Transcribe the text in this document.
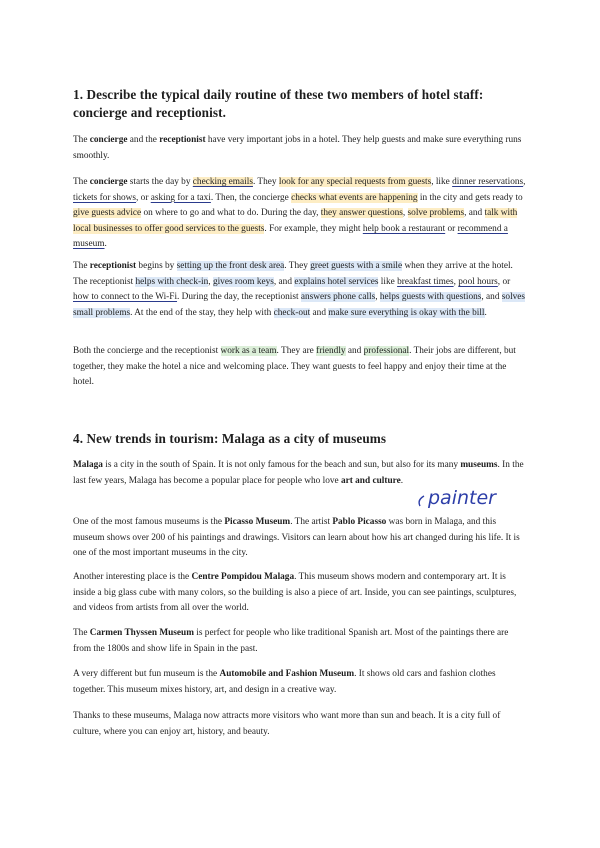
1. Describe the typical daily routine of these two members of hotel staff: concierge and receptionist.

The concierge and the receptionist have very important jobs in a hotel. They help guests and make sure everything runs smoothly.

The concierge starts the day by checking emails. They look for any special requests from guests, like dinner reservations, tickets for shows, or asking for a taxi. Then, the concierge checks what events are happening in the city and gets ready to give guests advice on where to go and what to do. During the day, they answer questions, solve problems, and talk with local businesses to offer good services to the guests. For example, they might help book a restaurant or recommend a museum.

The receptionist begins by setting up the front desk area. They greet guests with a smile when they arrive at the hotel. The receptionist helps with check-in, gives room keys, and explains hotel services like breakfast times, pool hours, or how to connect to the Wi-Fi. During the day, the receptionist answers phone calls, helps guests with questions, and solves small problems. At the end of the stay, they help with check-out and make sure everything is okay with the bill.

Both the concierge and the receptionist work as a team. They are friendly and professional. Their jobs are different, but together, they make the hotel a nice and welcoming place. They want guests to feel happy and enjoy their time at the hotel.

4. New trends in tourism: Malaga as a city of museums

Malaga is a city in the south of Spain. It is not only famous for the beach and sun, but also for its many museums. In the last few years, Malaga has become a popular place for people who love art and culture.

painter

One of the most famous museums is the Picasso Museum. The artist Pablo Picasso was born in Malaga, and this museum shows over 200 of his paintings and drawings. Visitors can learn about how his art changed during his life. It is one of the most important museums in the city.

Another interesting place is the Centre Pompidou Malaga. This museum shows modern and contemporary art. It is inside a big glass cube with many colors, so the building is also a piece of art. Inside, you can see paintings, sculptures, and videos from artists from all over the world.

The Carmen Thyssen Museum is perfect for people who like traditional Spanish art. Most of the paintings there are from the 1800s and show life in Spain in the past.

A very different but fun museum is the Automobile and Fashion Museum. It shows old cars and fashion clothes together. This museum mixes history, art, and design in a creative way.

Thanks to these museums, Malaga now attracts more visitors who want more than sun and beach. It is a city full of culture, where you can enjoy art, history, and beauty.
